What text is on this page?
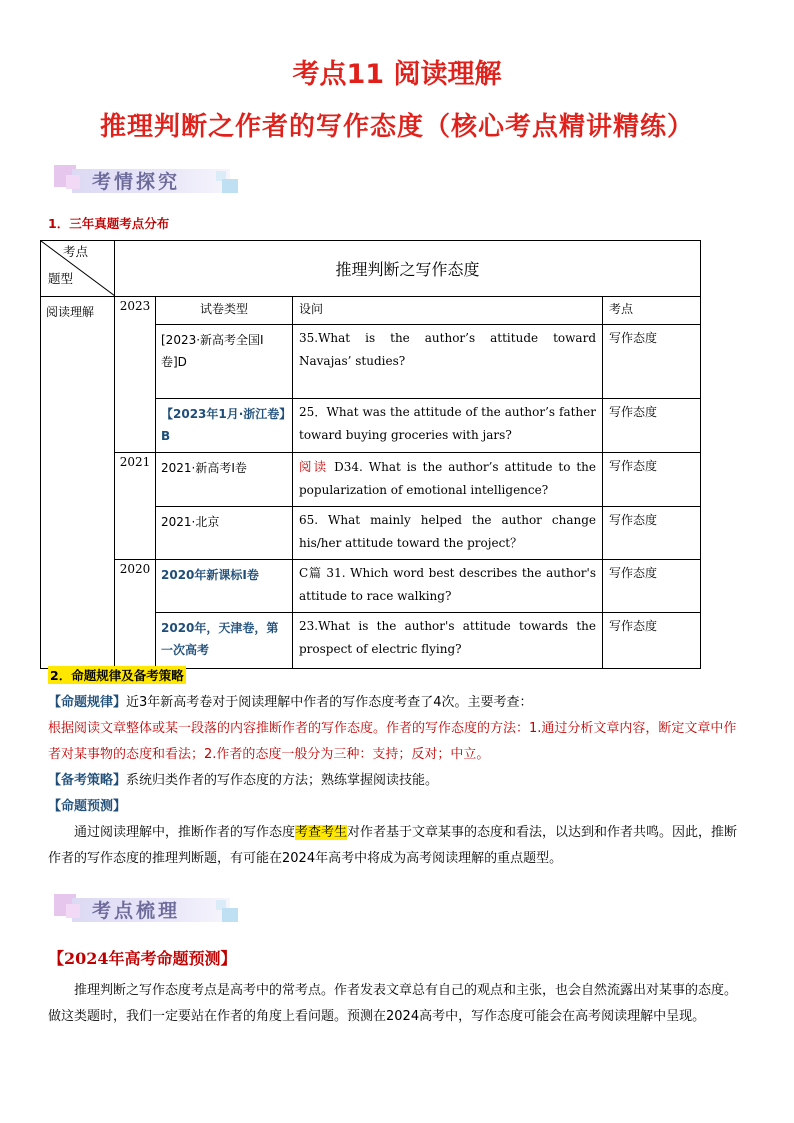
考点11 阅读理解
推理判断之作者的写作态度（核心考点精讲精练）
考情探究
1．三年真题考点分布
考点
题型	推理判断之写作态度			
阅读理解	2023	试卷类型	设问	考点
		[2023·新高考全国Ⅰ卷]D	35.What is the author’s attitude toward Navajas’ studies?	写作态度
		【2023年1月·浙江卷】B	25．What was the attitude of the author’s father toward buying groceries with jars?	写作态度
	2021	2021·新高考Ⅰ卷	阅读 D34. What is the author’s attitude to the popularization of emotional intelligence?	写作态度
		2021·北京	65. What mainly helped the author change his/her attitude toward the project？	写作态度
	2020	2020年新课标Ⅰ卷	C篇 31. Which word best describes the author's attitude to race walking?	写作态度
		2020年，天津卷，第一次高考	23.What is the author's attitude towards the prospect of electric flying?	写作态度
2．命题规律及备考策略
【命题规律】近3年新高考卷对于阅读理解中作者的写作态度考查了4次。主要考查：
根据阅读文章整体或某一段落的内容推断作者的写作态度。作者的写作态度的方法：1.通过分析文章内容，断定文章中作者对某事物的态度和看法；2.作者的态度一般分为三种：支持；反对；中立。
【备考策略】系统归类作者的写作态度的方法；熟练掌握阅读技能。
【命题预测】
通过阅读理解中，推断作者的写作态度考查考生对作者基于文章某事的态度和看法，以达到和作者共鸣。因此，推断作者的写作态度的推理判断题，有可能在2024年高考中将成为高考阅读理解的重点题型。
考点梳理
【2024年高考命题预测】
推理判断之写作态度考点是高考中的常考点。作者发表文章总有自己的观点和主张，也会自然流露出对某事的态度。做这类题时，我们一定要站在作者的角度上看问题。预测在2024高考中，写作态度可能会在高考阅读理解中呈现。
